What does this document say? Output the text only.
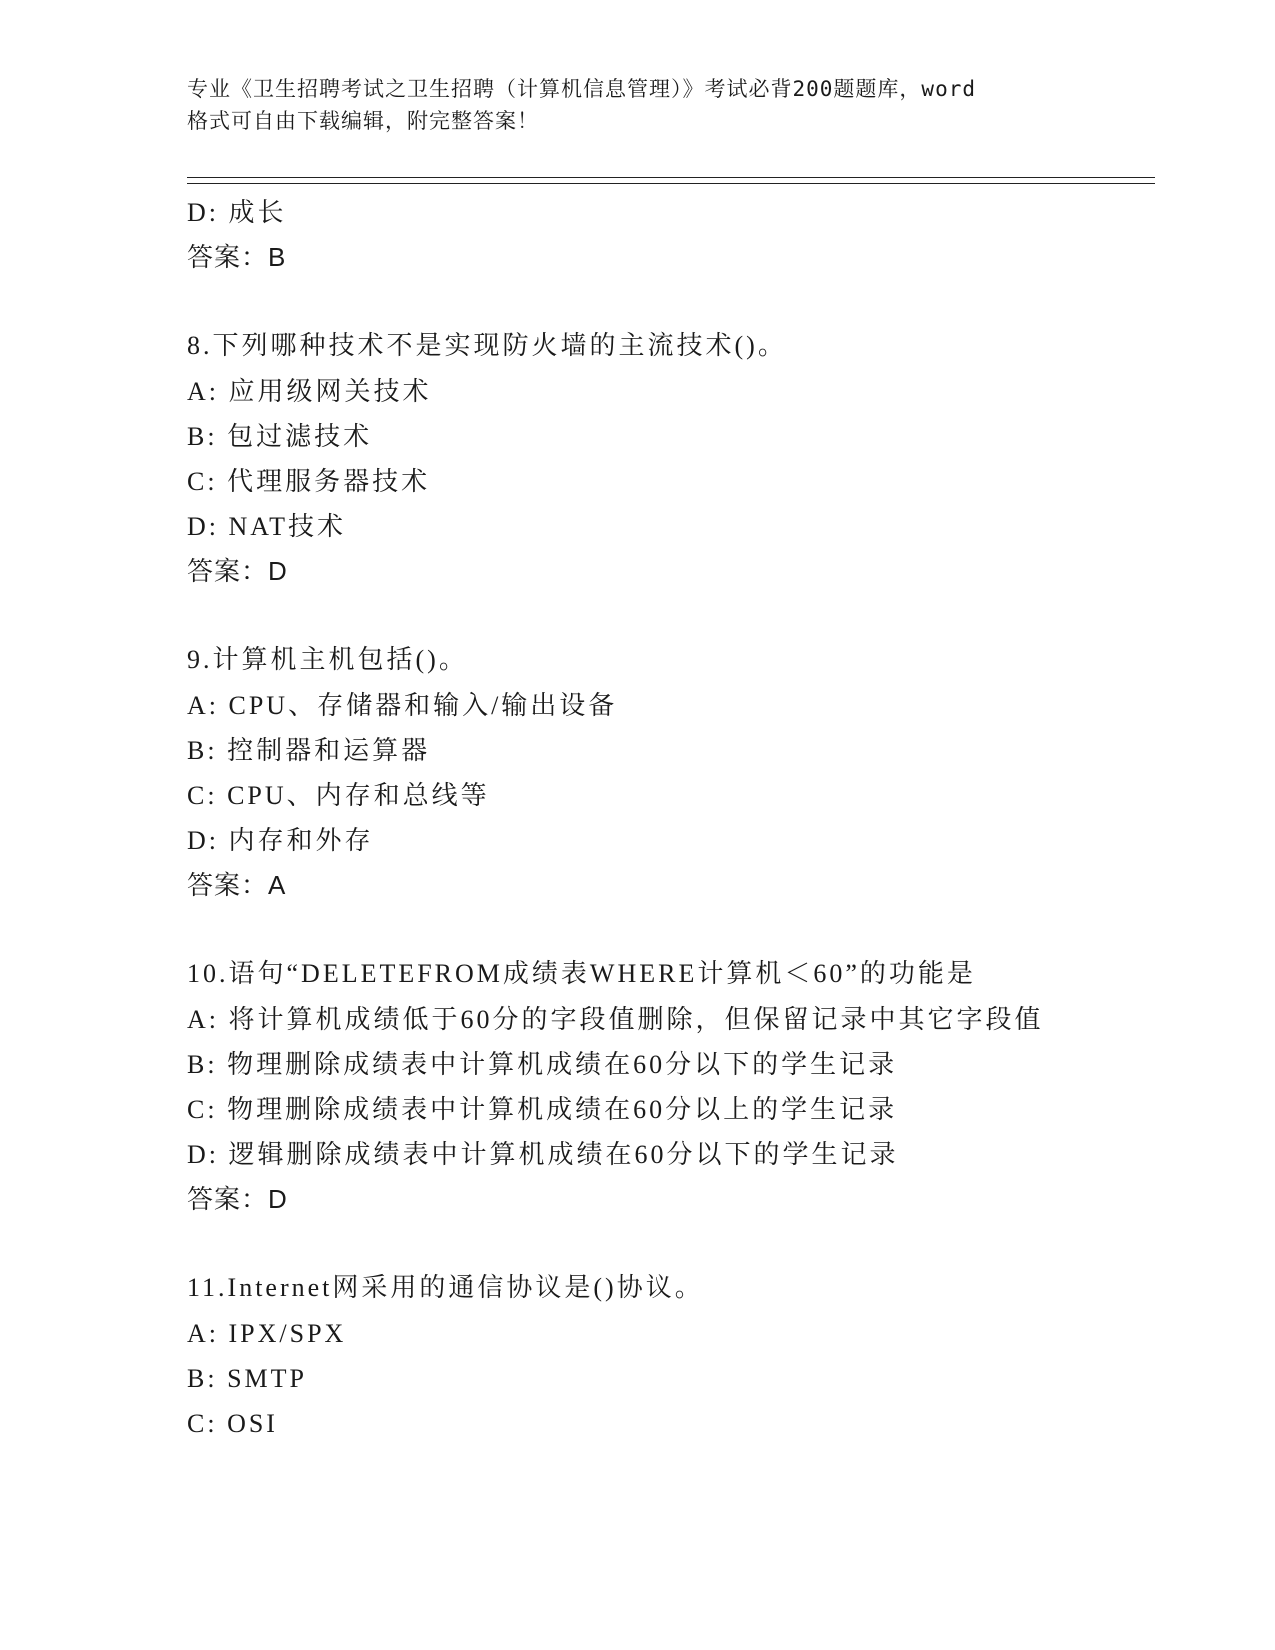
专业《卫生招聘考试之卫生招聘（计算机信息管理）》考试必背200题题库，word
格式可自由下载编辑，附完整答案！
D: 成长
答案：B
8.下列哪种技术不是实现防火墙的主流技术()。
A: 应用级网关技术
B: 包过滤技术
C: 代理服务器技术
D: NAT技术
答案：D
9.计算机主机包括()。
A: CPU、存储器和输入/输出设备
B: 控制器和运算器
C: CPU、内存和总线等
D: 内存和外存
答案：A
10.语句“DELETEFROM成绩表WHERE计算机＜60”的功能是
A: 将计算机成绩低于60分的字段值删除，但保留记录中其它字段值
B: 物理删除成绩表中计算机成绩在60分以下的学生记录
C: 物理删除成绩表中计算机成绩在60分以上的学生记录
D: 逻辑删除成绩表中计算机成绩在60分以下的学生记录
答案：D
11.Internet网采用的通信协议是()协议。
A: IPX/SPX
B: SMTP
C: OSI
